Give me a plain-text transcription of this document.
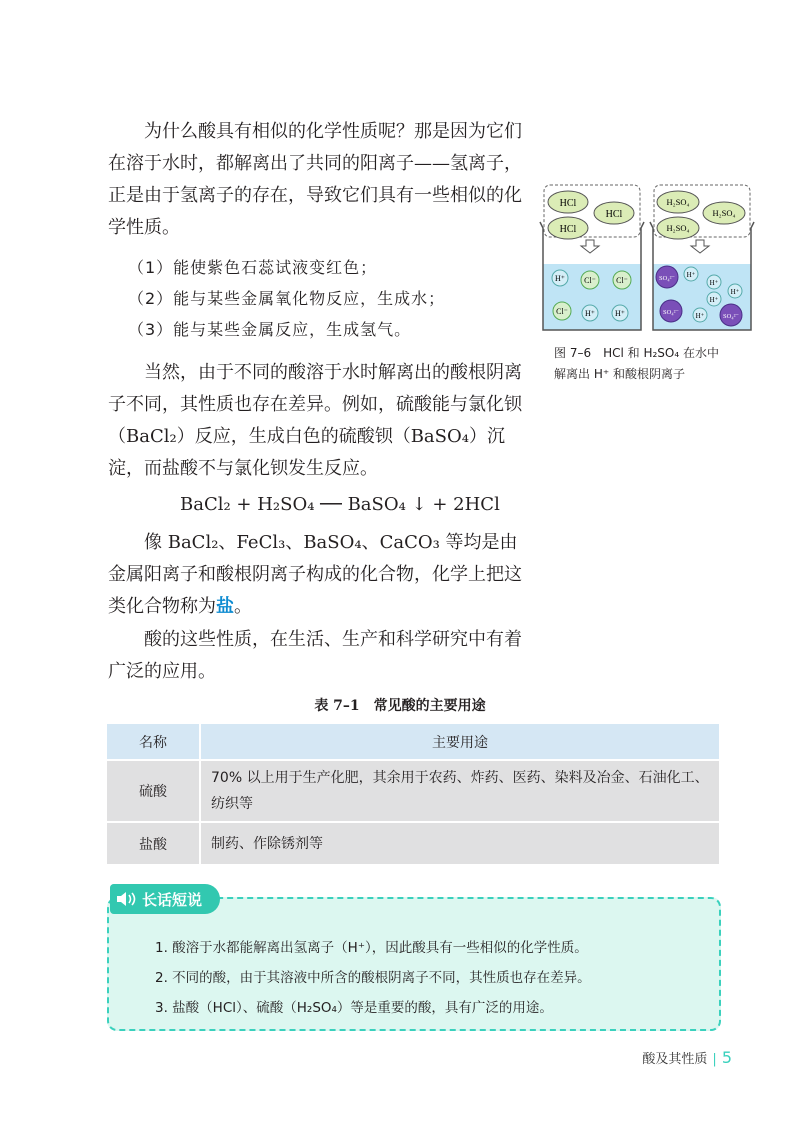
为什么酸具有相似的化学性质呢？那是因为它们在溶于水时，都解离出了共同的阳离子——氢离子，正是由于氢离子的存在，导致它们具有一些相似的化学性质。

（1）能使紫色石蕊试液变红色；

（2）能与某些金属氧化物反应，生成水；

（3）能与某些金属反应，生成氢气。

当然，由于不同的酸溶于水时解离出的酸根阴离子不同，其性质也存在差异。例如，硫酸能与氯化钡（BaCl₂）反应，生成白色的硫酸钡（BaSO₄）沉淀，而盐酸不与氯化钡发生反应。

BaCl₂ + H₂SO₄ ── BaSO₄ ↓ + 2HCl

像 BaCl₂、FeCl₃、BaSO₄、CaCO₃ 等均是由金属阳离子和酸根阴离子构成的化合物，化学上把这类化合物称为盐。

酸的这些性质，在生活、生产和科学研究中有着广泛的应用。

HCl
HCl
HCl
H⁺ Cl⁻	Cl⁻
Cl⁻ H⁺	H⁺
H₂SO₄
H₂SO₄
H₂SO₄
SO₄²⁻ H⁺
H⁺
H⁺
H⁺
SO₄²⁻ H⁺	SO₄²⁻
图 7–6　HCl 和 H₂SO₄ 在水中
解离出 H⁺ 和酸根阴离子
表 7–1　常见酸的主要用途
名称	主要用途
硫酸	70% 以上用于生产化肥，其余用于农药、炸药、医药、染料及冶金、石油化工、纺织等
盐酸	制药、作除锈剂等
长话短说

1. 酸溶于水都能解离出氢离子（H⁺），因此酸具有一些相似的化学性质。

2. 不同的酸，由于其溶液中所含的酸根阴离子不同，其性质也存在差异。

3. 盐酸（HCl）、硫酸（H₂SO₄）等是重要的酸，具有广泛的用途。

酸及其性质 | 5
